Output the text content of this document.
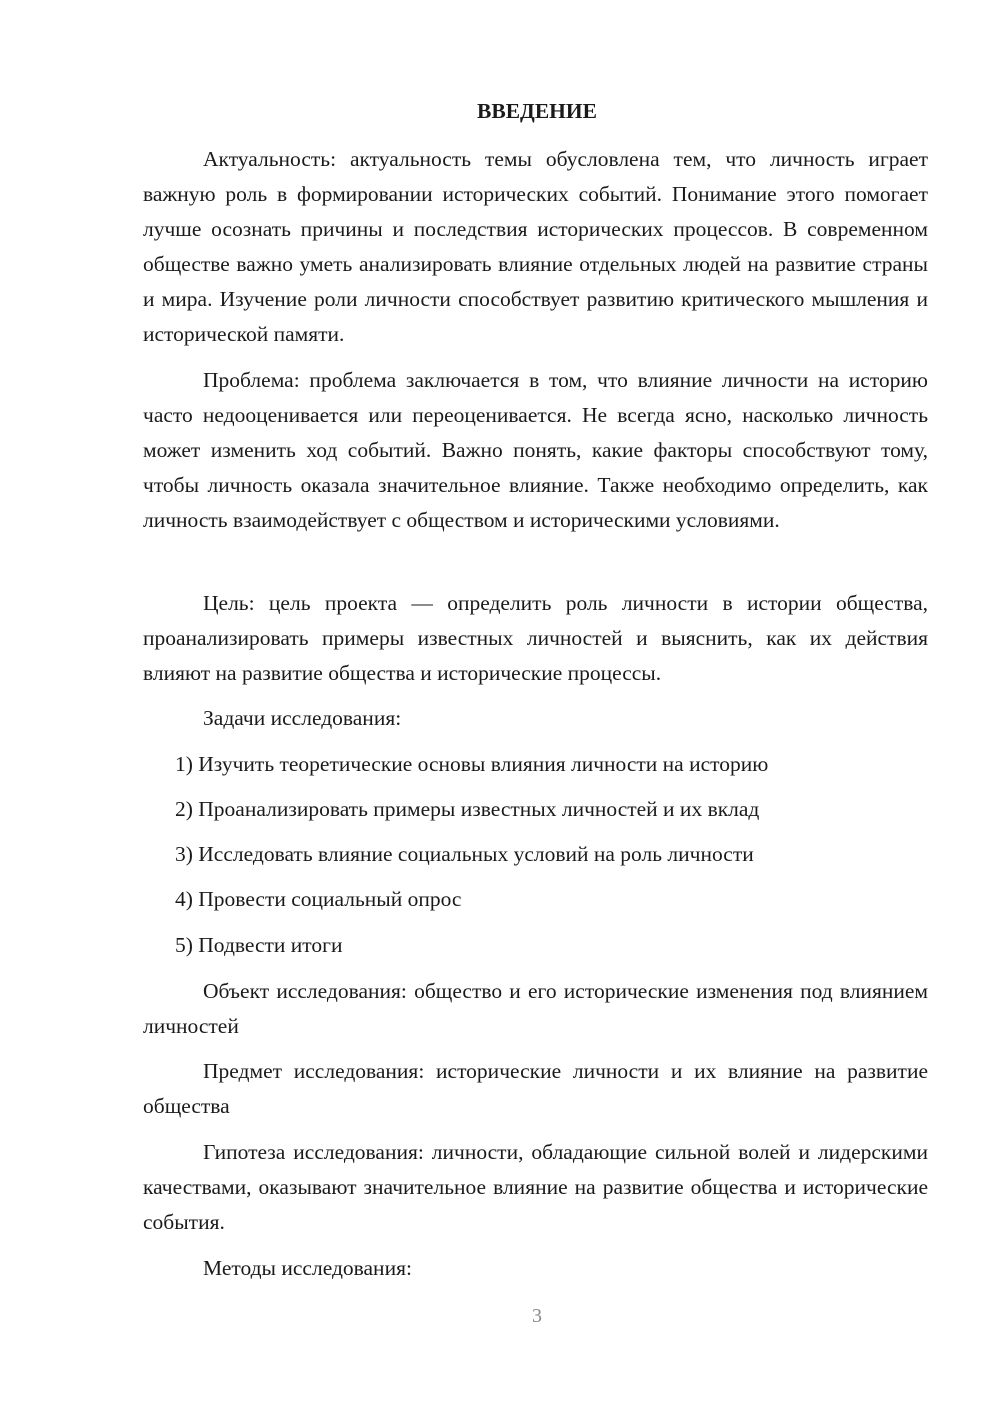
ВВЕДЕНИЕ
Актуальность: актуальность темы обусловлена тем, что личность играет важную роль в формировании исторических событий. Понимание этого помогает лучше осознать причины и последствия исторических процессов. В современном обществе важно уметь анализировать влияние отдельных людей на развитие страны и мира. Изучение роли личности способствует развитию критического мышления и исторической памяти.
Проблема: проблема заключается в том, что влияние личности на историю часто недооценивается или переоценивается. Не всегда ясно, насколько личность может изменить ход событий. Важно понять, какие факторы способствуют тому, чтобы личность оказала значительное влияние. Также необходимо определить, как личность взаимодействует с обществом и историческими условиями.
Цель: цель проекта — определить роль личности в истории общества, проанализировать примеры известных личностей и выяснить, как их действия влияют на развитие общества и исторические процессы.
Задачи исследования:
1) Изучить теоретические основы влияния личности на историю
2) Проанализировать примеры известных личностей и их вклад
3) Исследовать влияние социальных условий на роль личности
4) Провести социальный опрос
5) Подвести итоги
Объект исследования: общество и его исторические изменения под влиянием личностей
Предмет исследования: исторические личности и их влияние на развитие общества
Гипотеза исследования: личности, обладающие сильной волей и лидерскими качествами, оказывают значительное влияние на развитие общества и исторические события.
Методы исследования:
3
